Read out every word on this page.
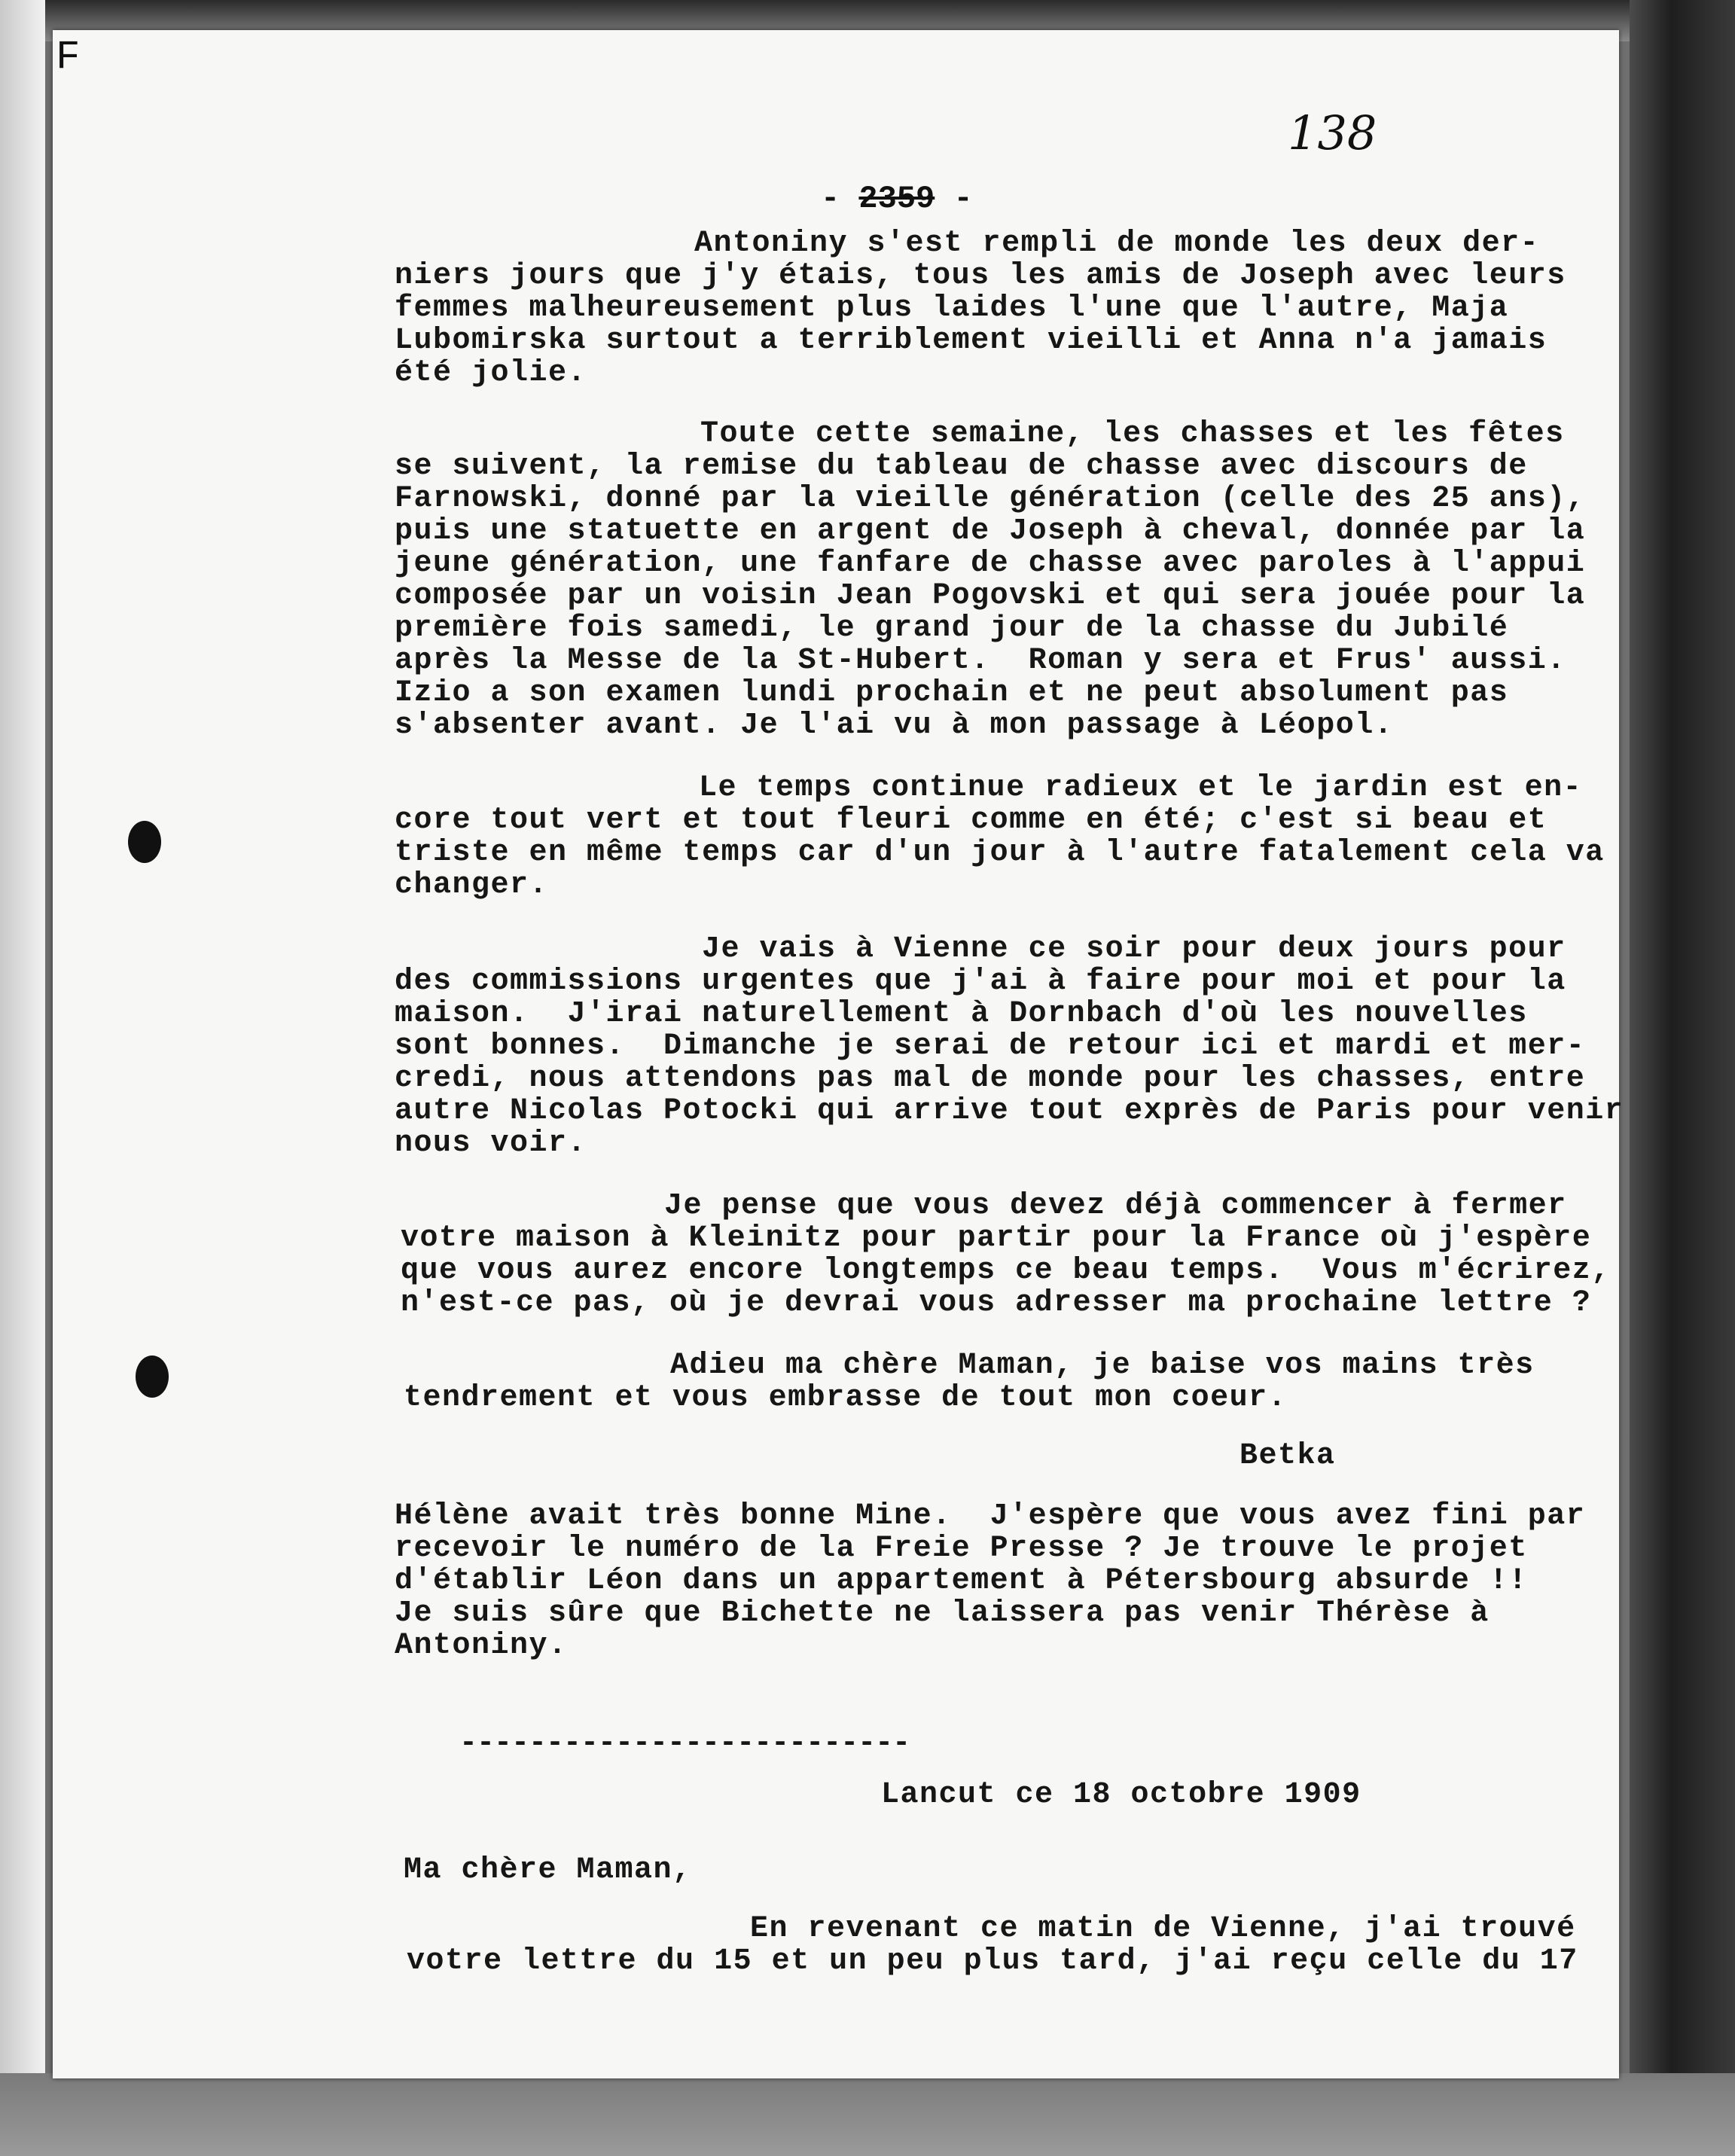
F
138
- 2359 -
Antoniny s'est rempli de monde les deux der-
niers jours que j'y étais, tous les amis de Joseph avec leurs
femmes malheureusement plus laides l'une que l'autre, Maja
Lubomirska surtout a terriblement vieilli et Anna n'a jamais
été jolie.
Toute cette semaine, les chasses et les fêtes
se suivent, la remise du tableau de chasse avec discours de
Farnowski, donné par la vieille génération (celle des 25 ans),
puis une statuette en argent de Joseph à cheval, donnée par la
jeune génération, une fanfare de chasse avec paroles à l'appui
composée par un voisin Jean Pogovski et qui sera jouée pour la
première fois samedi, le grand jour de la chasse du Jubilé
après la Messe de la St-Hubert.  Roman y sera et Frus' aussi.
Izio a son examen lundi prochain et ne peut absolument pas
s'absenter avant. Je l'ai vu à mon passage à Léopol.
Le temps continue radieux et le jardin est en-
core tout vert et tout fleuri comme en été; c'est si beau et
triste en même temps car d'un jour à l'autre fatalement cela va
changer.
Je vais à Vienne ce soir pour deux jours pour
des commissions urgentes que j'ai à faire pour moi et pour la
maison.  J'irai naturellement à Dornbach d'où les nouvelles
sont bonnes.  Dimanche je serai de retour ici et mardi et mer-
credi, nous attendons pas mal de monde pour les chasses, entre
autre Nicolas Potocki qui arrive tout exprès de Paris pour venir
nous voir.
Je pense que vous devez déjà commencer à fermer
votre maison à Kleinitz pour partir pour la France où j'espère
que vous aurez encore longtemps ce beau temps.  Vous m'écrirez,
n'est-ce pas, où je devrai vous adresser ma prochaine lettre ?
Adieu ma chère Maman, je baise vos mains très
tendrement et vous embrasse de tout mon coeur.
Betka
Hélène avait très bonne Mine.  J'espère que vous avez fini par
recevoir le numéro de la Freie Presse ? Je trouve le projet
d'établir Léon dans un appartement à Pétersbourg absurde !!
Je suis sûre que Bichette ne laissera pas venir Thérèse à
Antoniny.
--------------------------
Lancut ce 18 octobre 1909
Ma chère Maman,
En revenant ce matin de Vienne, j'ai trouvé
votre lettre du 15 et un peu plus tard, j'ai reçu celle du 17
